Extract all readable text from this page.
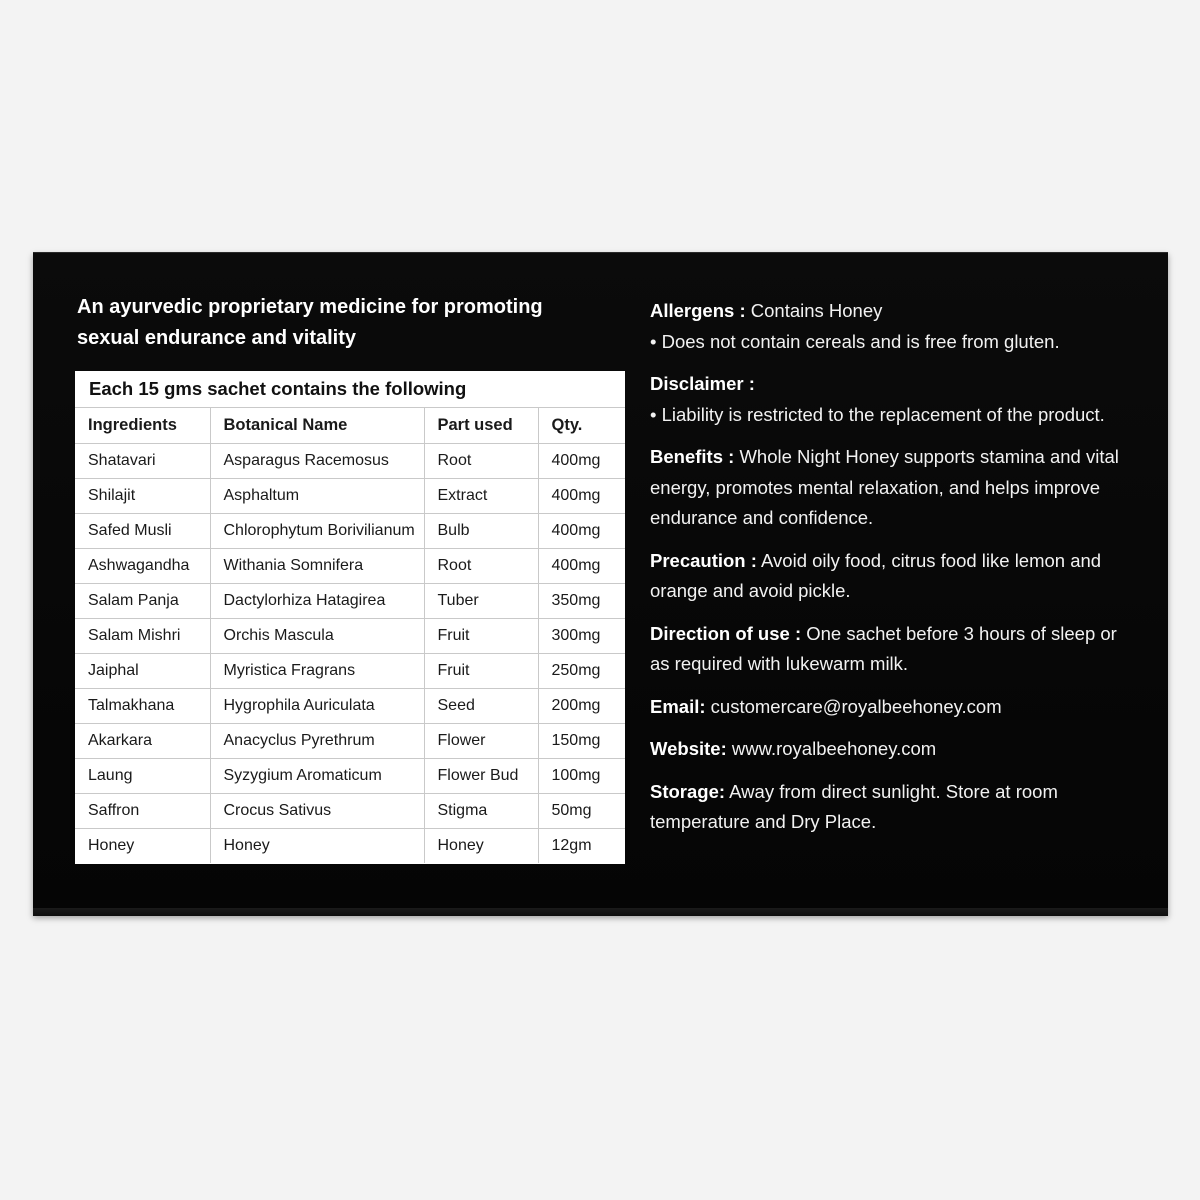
An ayurvedic proprietary medicine for promoting sexual endurance and vitality
Each 15 gms sachet contains the following
Ingredients	Botanical Name	Part used	Qty.
Shatavari	Asparagus Racemosus	Root	400mg
Shilajit	Asphaltum	Extract	400mg
Safed Musli	Chlorophytum Borivilianum	Bulb	400mg
Ashwagandha	Withania Somnifera	Root	400mg
Salam Panja	Dactylorhiza Hatagirea	Tuber	350mg
Salam Mishri	Orchis Mascula	Fruit	300mg
Jaiphal	Myristica Fragrans	Fruit	250mg
Talmakhana	Hygrophila Auriculata	Seed	200mg
Akarkara	Anacyclus Pyrethrum	Flower	150mg
Laung	Syzygium Aromaticum	Flower Bud	100mg
Saffron	Crocus Sativus	Stigma	50mg
Honey	Honey	Honey	12gm

Allergens : Contains Honey

• Does not contain cereals and is free from gluten.

Disclaimer :

• Liability is restricted to the replacement of the product.

Benefits : Whole Night Honey supports stamina and vital energy, promotes mental relaxation, and helps improve endurance and confidence.

Precaution : Avoid oily food, citrus food like lemon and orange and avoid pickle.

Direction of use : One sachet before 3 hours of sleep or as required with lukewarm milk.

Email: customercare@royalbeehoney.com

Website: www.royalbeehoney.com

Storage: Away from direct sunlight. Store at room temperature and Dry Place.
